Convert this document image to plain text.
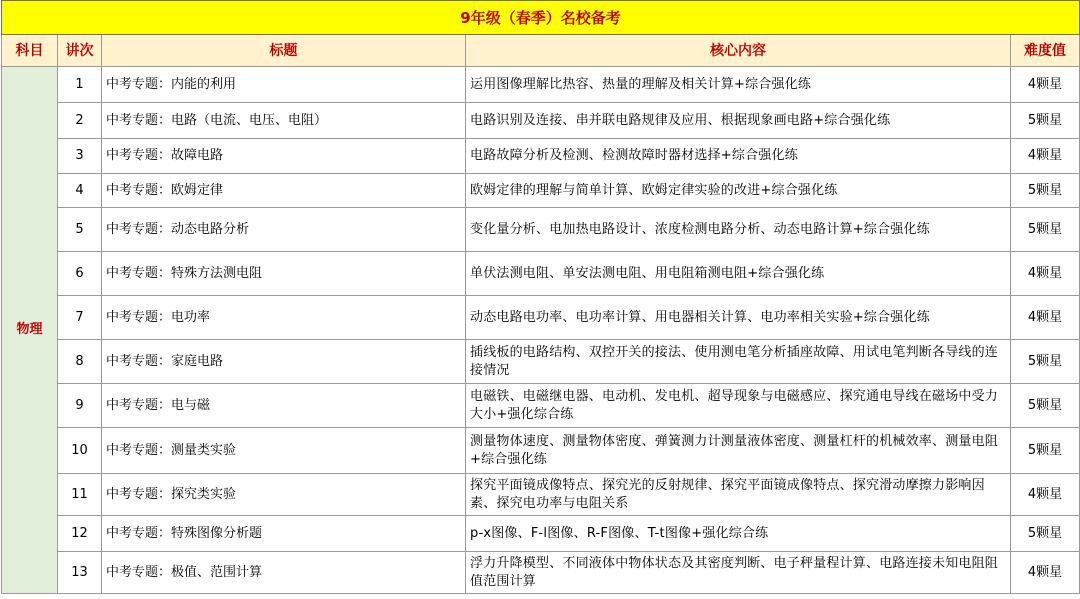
9年级（春季）名校备考				
科目	讲次	标题	核心内容	难度值
物理	1	中考专题：内能的利用	运用图像理解比热容、热量的理解及相关计算+综合强化练	4颗星
	2	中考专题：电路（电流、电压、电阻）	电路识别及连接、串并联电路规律及应用、根据现象画电路+综合强化练	5颗星
	3	中考专题：故障电路	电路故障分析及检测、检测故障时器材选择+综合强化练	4颗星
	4	中考专题：欧姆定律	欧姆定律的理解与简单计算、欧姆定律实验的改进+综合强化练	5颗星
	5	中考专题：动态电路分析	变化量分析、电加热电路设计、浓度检测电路分析、动态电路计算+综合强化练	5颗星
	6	中考专题：特殊方法测电阻	单伏法测电阻、单安法测电阻、用电阻箱测电阻+综合强化练	4颗星
	7	中考专题：电功率	动态电路电功率、电功率计算、用电器相关计算、电功率相关实验+综合强化练	4颗星
	8	中考专题：家庭电路	插线板的电路结构、双控开关的接法、使用测电笔分析插座故障、用试电笔判断各导线的连接情况	5颗星
	9	中考专题：电与磁	电磁铁、电磁继电器、电动机、发电机、超导现象与电磁感应、探究通电导线在磁场中受力大小+强化综合练	5颗星
	10	中考专题：测量类实验	测量物体速度、测量物体密度、弹簧测力计测量液体密度、测量杠杆的机械效率、测量电阻+综合强化练	5颗星
	11	中考专题：探究类实验	探究平面镜成像特点、探究光的反射规律、探究平面镜成像特点、探究滑动摩擦力影响因素、探究电功率与电阻关系	4颗星
	12	中考专题：特殊图像分析题	p-x图像、F-l图像、R-F图像、T-t图像+强化综合练	5颗星
	13	中考专题：极值、范围计算	浮力升降模型、不同液体中物体状态及其密度判断、电子秤量程计算、电路连接未知电阻阻值范围计算	4颗星
